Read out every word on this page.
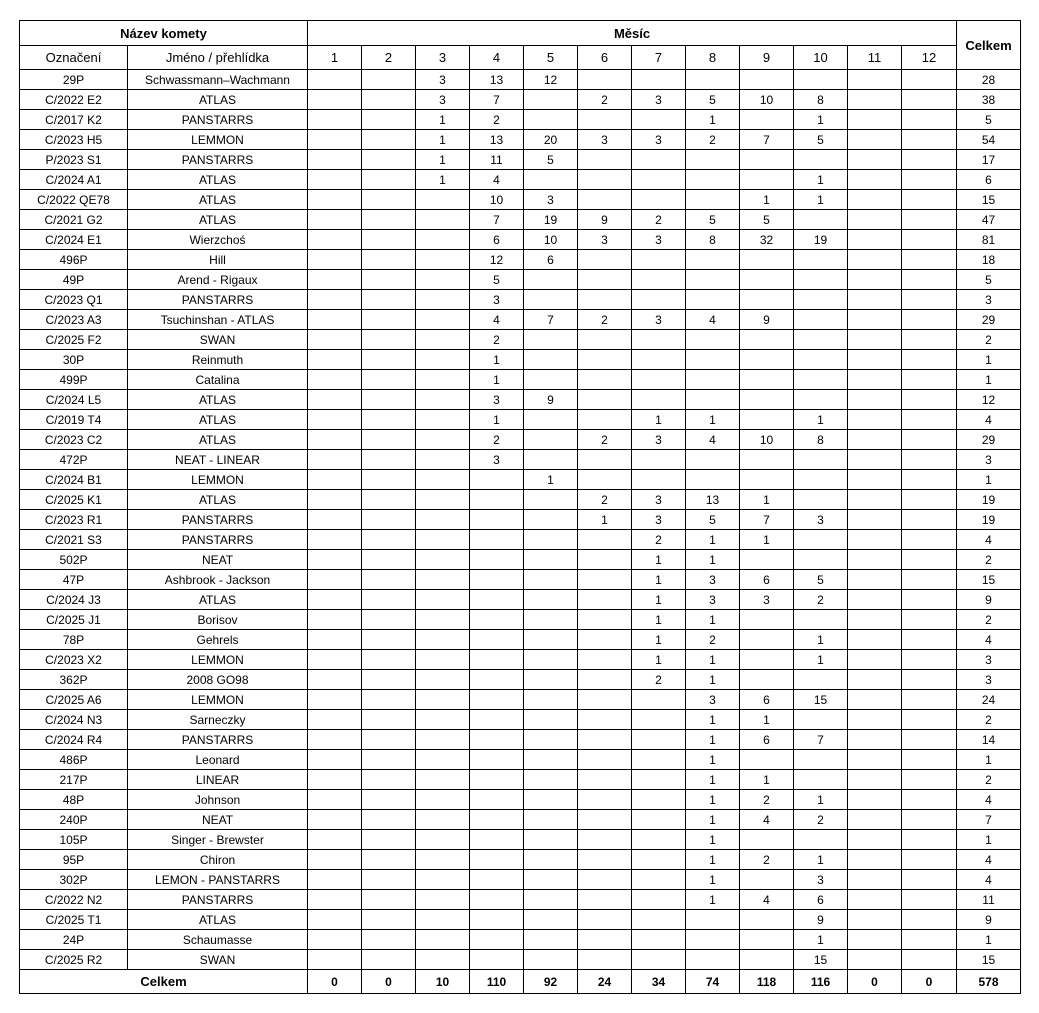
Název komety		Měsíc												Celkem
Označení	Jméno / přehlídka	1	2	3	4	5	6	7	8	9	10	11	12	
29P	Schwassmann–Wachmann			3	13	12								28
C/2022 E2	ATLAS			3	7		2	3	5	10	8			38
C/2017 K2	PANSTARRS			1	2				1		1			5
C/2023 H5	LEMMON			1	13	20	3	3	2	7	5			54
P/2023 S1	PANSTARRS			1	11	5								17
C/2024 A1	ATLAS			1	4						1			6
C/2022 QE78	ATLAS				10	3				1	1			15
C/2021 G2	ATLAS				7	19	9	2	5	5				47
C/2024 E1	Wierzchoś				6	10	3	3	8	32	19			81
496P	Hill				12	6								18
49P	Arend - Rigaux				5									5
C/2023 Q1	PANSTARRS				3									3
C/2023 A3	Tsuchinshan - ATLAS				4	7	2	3	4	9				29
C/2025 F2	SWAN				2									2
30P	Reinmuth				1									1
499P	Catalina				1									1
C/2024 L5	ATLAS				3	9								12
C/2019 T4	ATLAS				1			1	1		1			4
C/2023 C2	ATLAS				2		2	3	4	10	8			29
472P	NEAT - LINEAR				3									3
C/2024 B1	LEMMON					1								1
C/2025 K1	ATLAS						2	3	13	1				19
C/2023 R1	PANSTARRS						1	3	5	7	3			19
C/2021 S3	PANSTARRS							2	1	1				4
502P	NEAT							1	1					2
47P	Ashbrook - Jackson							1	3	6	5			15
C/2024 J3	ATLAS							1	3	3	2			9
C/2025 J1	Borisov							1	1					2
78P	Gehrels							1	2		1			4
C/2023 X2	LEMMON							1	1		1			3
362P	2008 GO98							2	1					3
C/2025 A6	LEMMON								3	6	15			24
C/2024 N3	Sarneczky								1	1				2
C/2024 R4	PANSTARRS								1	6	7			14
486P	Leonard								1					1
217P	LINEAR								1	1				2
48P	Johnson								1	2	1			4
240P	NEAT								1	4	2			7
105P	Singer - Brewster								1					1
95P	Chiron								1	2	1			4
302P	LEMON - PANSTARRS								1		3			4
C/2022 N2	PANSTARRS								1	4	6			11
C/2025 T1	ATLAS										9			9
24P	Schaumasse										1			1
C/2025 R2	SWAN										15			15
Celkem		0	0	10	110	92	24	34	74	118	116	0	0	578
